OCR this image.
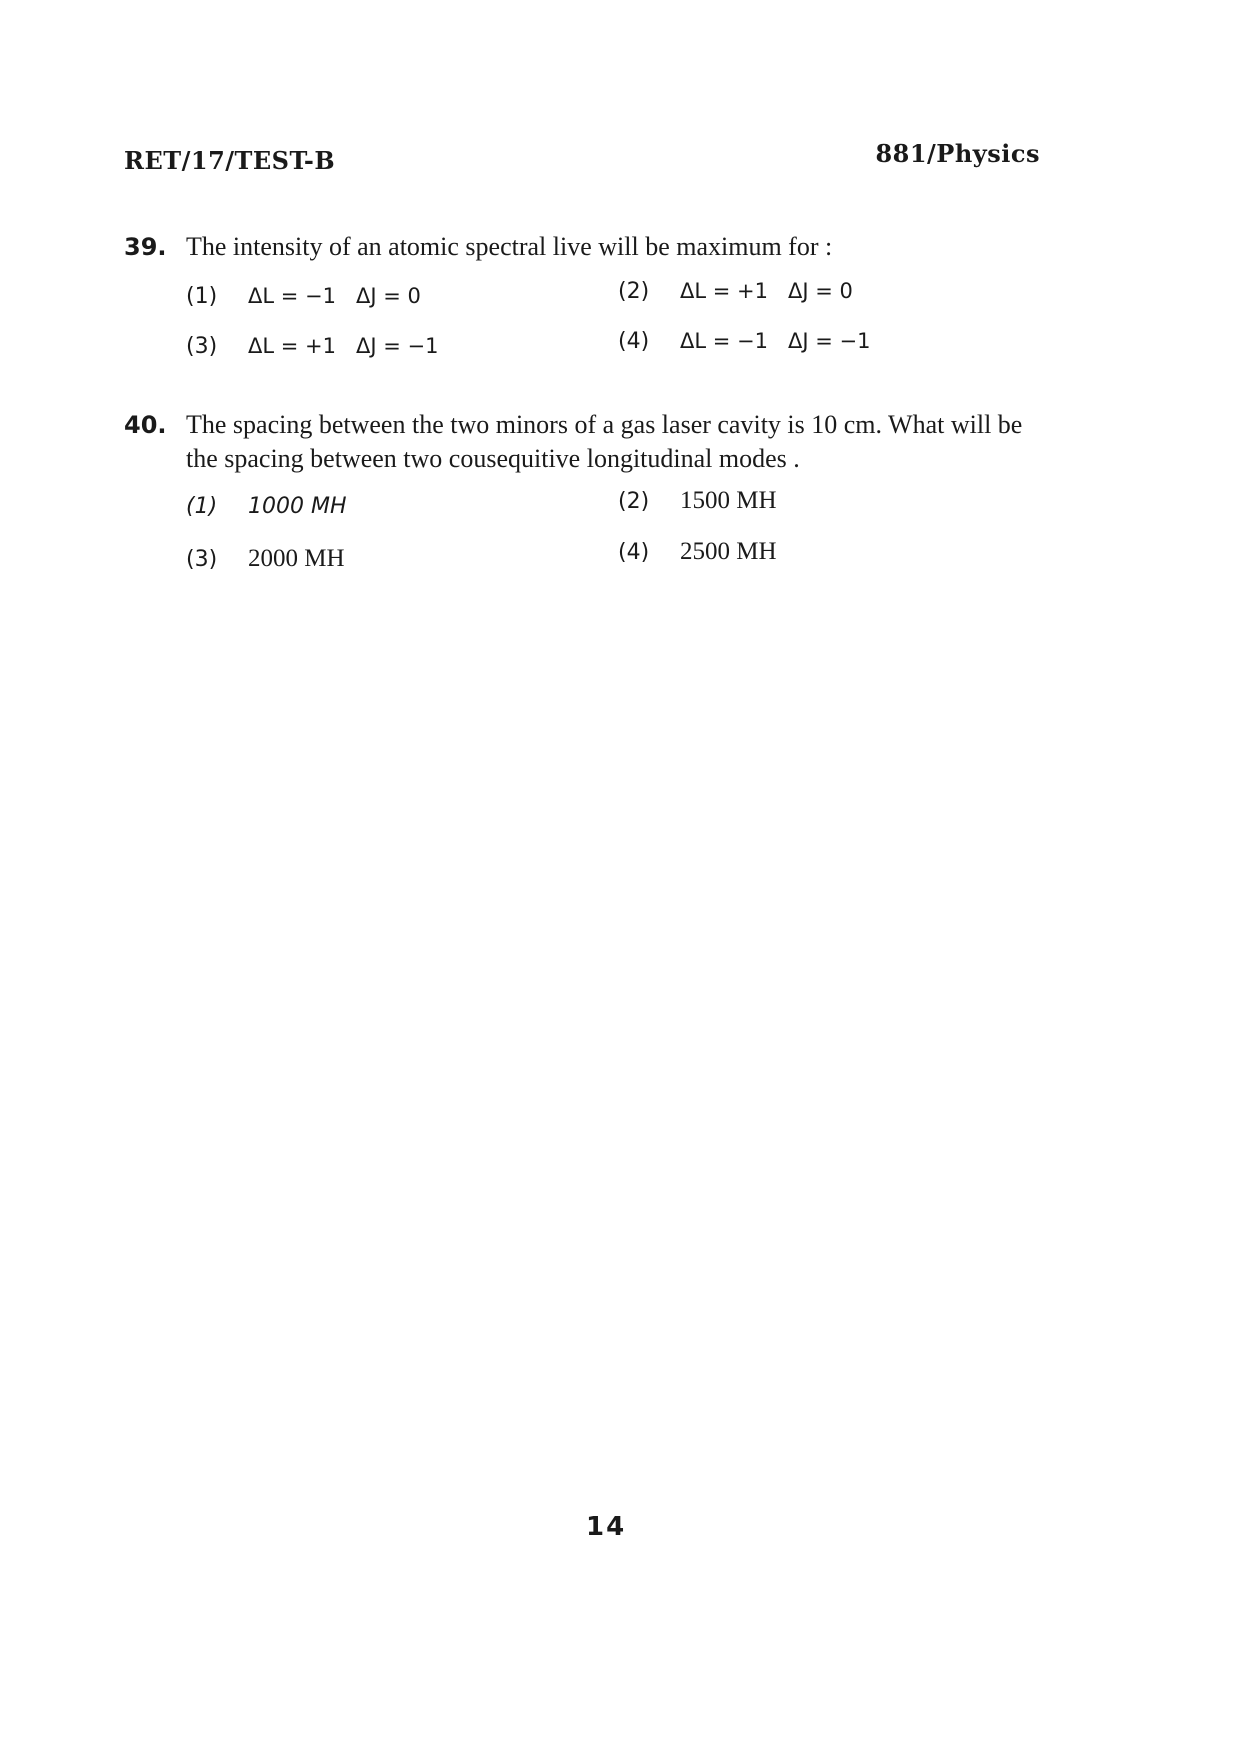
RET/17/TEST-B	881/Physics
39. The intensity of an atomic spectral live will be maximum for :
(1) ΔL = −1   ΔJ = 0	(2) ΔL = +1   ΔJ = 0
(3) ΔL = +1   ΔJ = −1	(4) ΔL = −1   ΔJ = −1
40. The spacing between the two minors of a gas laser cavity is 10 cm. What will be the spacing between two cousequitive longitudinal modes .
(1) 1000 MH	(2) 1500 MH
(3) 2000 MH	(4) 2500 MH
14
